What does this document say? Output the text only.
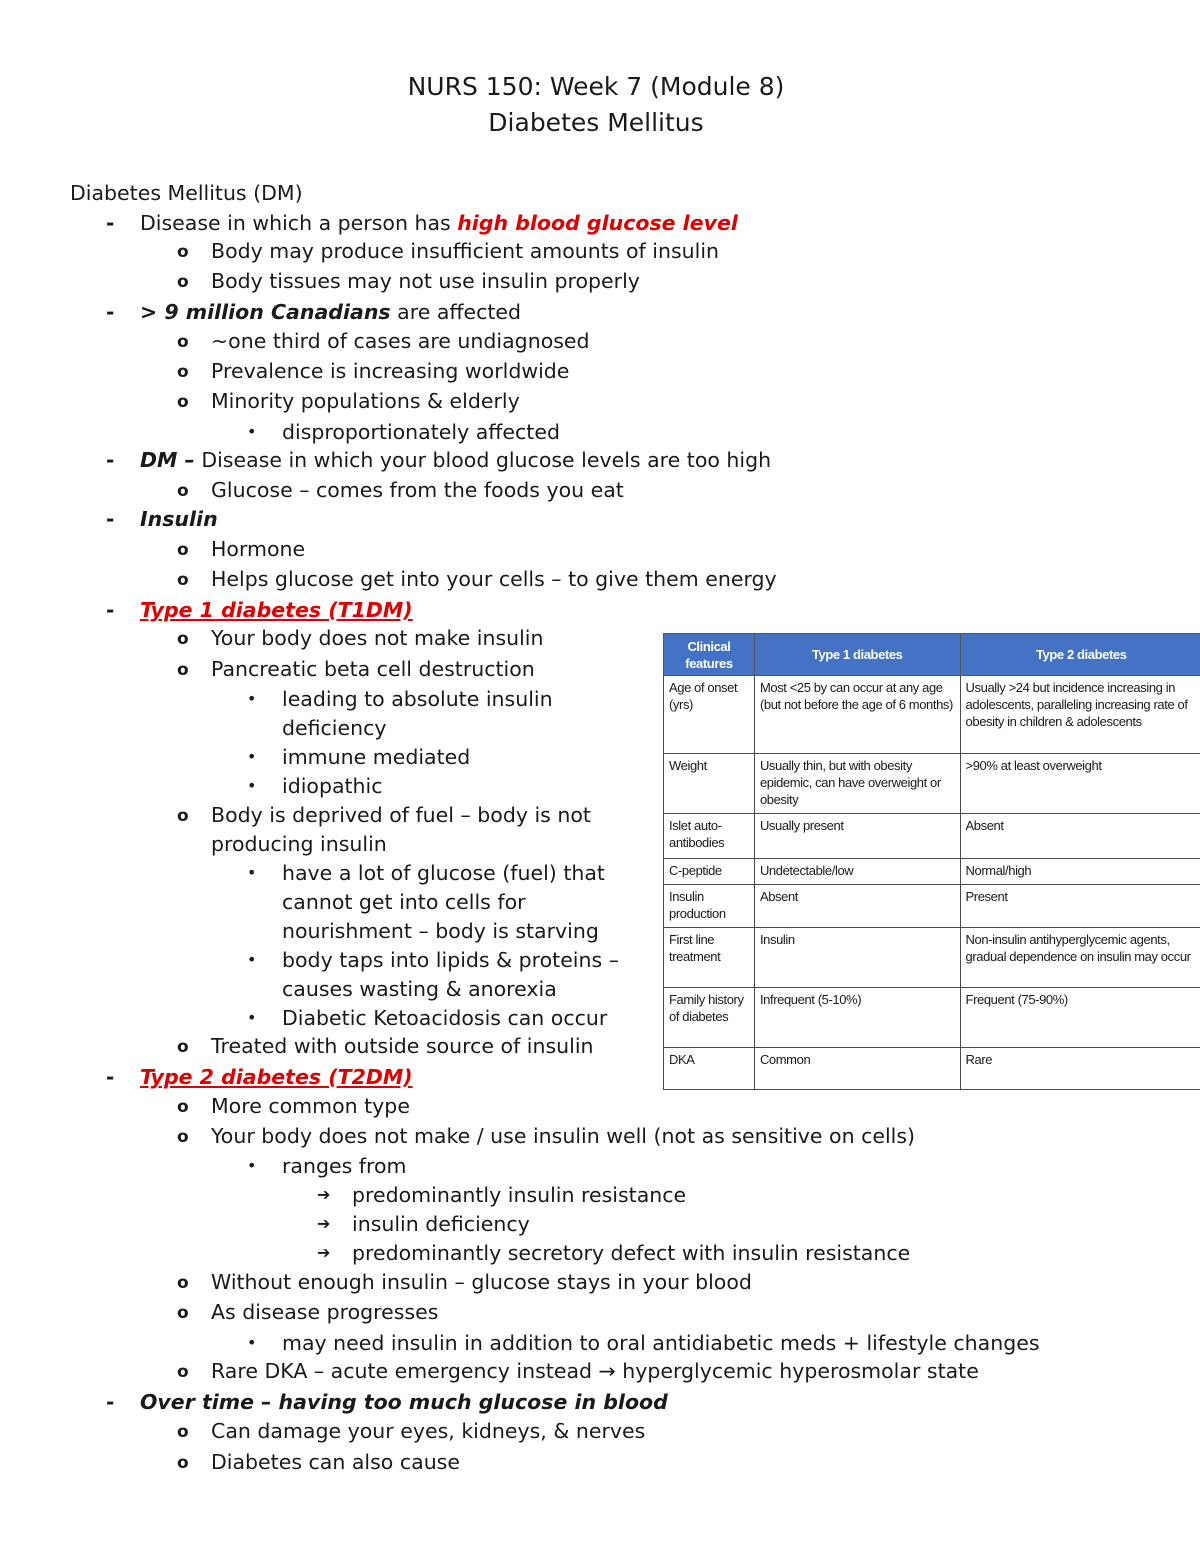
NURS 150: Week 7 (Module 8)
Diabetes Mellitus
Diabetes Mellitus (DM)
- Disease in which a person has high blood glucose level
o Body may produce insufficient amounts of insulin
o Body tissues may not use insulin properly
- > 9 million Canadians are affected
o ~one third of cases are undiagnosed
o Prevalence is increasing worldwide
o Minority populations & elderly
• disproportionately affected
- DM – Disease in which your blood glucose levels are too high
o Glucose – comes from the foods you eat
- Insulin
o Hormone
o Helps glucose get into your cells – to give them energy
- Type 1 diabetes (T1DM)
o Your body does not make insulin
o Pancreatic beta cell destruction
• leading to absolute insulin
deficiency
• immune mediated
• idiopathic
o Body is deprived of fuel – body is not
producing insulin
• have a lot of glucose (fuel) that
cannot get into cells for
nourishment – body is starving
• body taps into lipids & proteins –
causes wasting & anorexia
• Diabetic Ketoacidosis can occur
o Treated with outside source of insulin
- Type 2 diabetes (T2DM)
o More common type
o Your body does not make / use insulin well (not as sensitive on cells)
• ranges from
➔ predominantly insulin resistance
➔ insulin deficiency
➔ predominantly secretory defect with insulin resistance
o Without enough insulin – glucose stays in your blood
o As disease progresses
• may need insulin in addition to oral antidiabetic meds + lifestyle changes
o Rare DKA – acute emergency instead → hyperglycemic hyperosmolar state
- Over time – having too much glucose in blood
o Can damage your eyes, kidneys, & nerves
o Diabetes can also cause
Clinical features	Type 1 diabetes	Type 2 diabetes
Age of onset (yrs)	Most <25 by can occur at any age (but not before the age of 6 months)	Usually >24 but incidence increasing in adolescents, paralleling increasing rate of obesity in children & adolescents
Weight	Usually thin, but with obesity epidemic, can have overweight or obesity	>90% at least overweight
Islet auto-antibodies	Usually present	Absent
C-peptide	Undetectable/low	Normal/high
Insulin production	Absent	Present
First line treatment	Insulin	Non-insulin antihyperglycemic agents, gradual dependence on insulin may occur
Family history of diabetes	Infrequent (5-10%)	Frequent (75-90%)
DKA	Common	Rare
